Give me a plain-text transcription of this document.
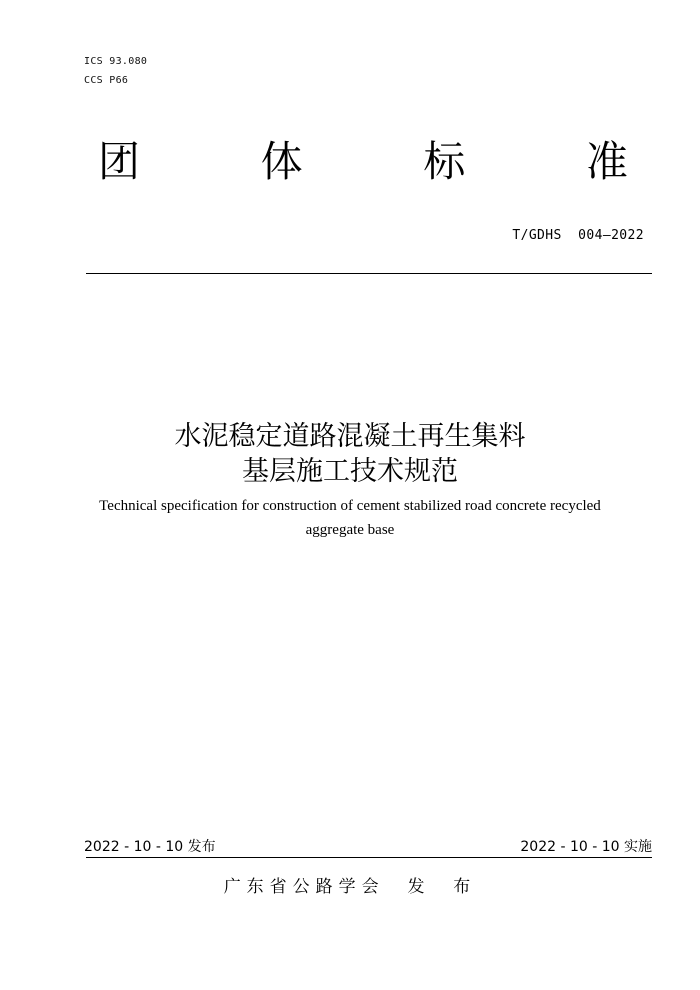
ICS 93.080
CCS P66
团	体	标	准
T/GDHS  004—2022
水泥稳定道路混凝土再生集料
基层施工技术规范
Technical specification for construction of cement stabilized road concrete recycled
aggregate base
2022 - 10 - 10 发布	2022 - 10 - 10 实施
广东省公路学会  发  布
